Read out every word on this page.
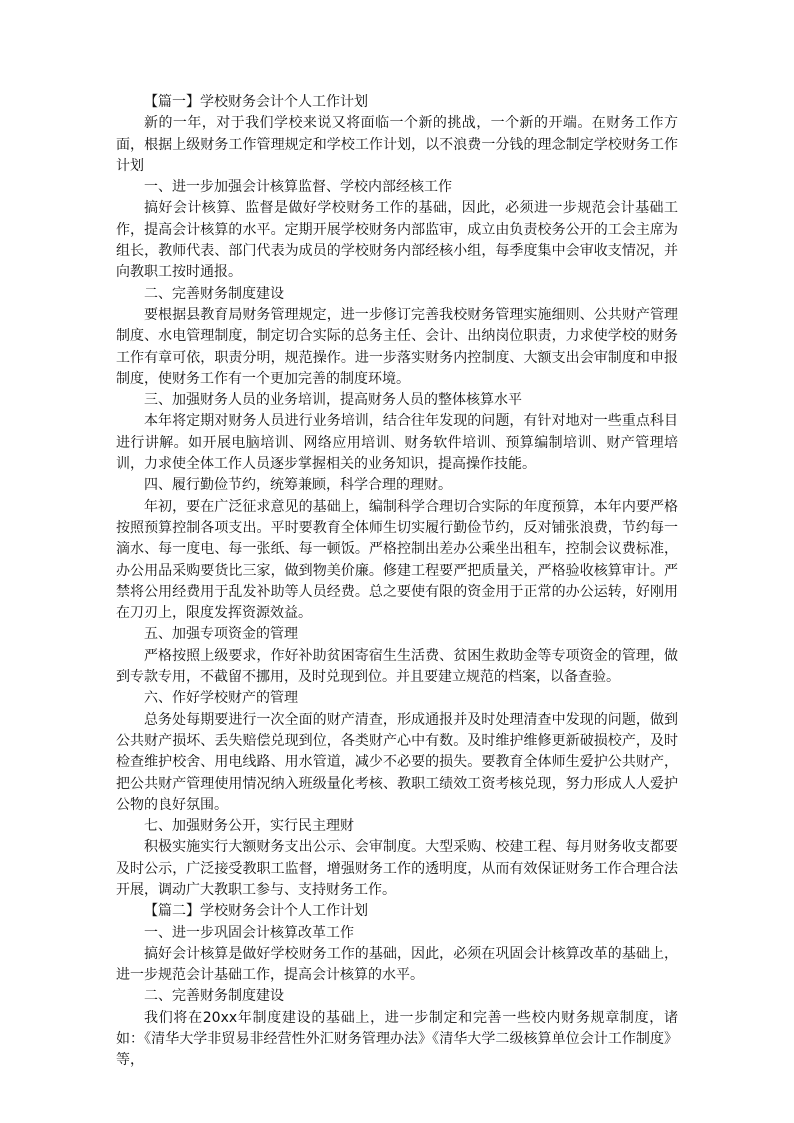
【篇一】学校财务会计个人工作计划

新的一年，对于我们学校来说又将面临一个新的挑战，一个新的开端。在财务工作方面，根据上级财务工作管理规定和学校工作计划，以不浪费一分钱的理念制定学校财务工作计划

一、进一步加强会计核算监督、学校内部经核工作

搞好会计核算、监督是做好学校财务工作的基础，因此，必须进一步规范会计基础工作，提高会计核算的水平。定期开展学校财务内部监审，成立由负责校务公开的工会主席为组长，教师代表、部门代表为成员的学校财务内部经核小组，每季度集中会审收支情况，并向教职工按时通报。

二、完善财务制度建设

要根据县教育局财务管理规定，进一步修订完善我校财务管理实施细则、公共财产管理制度、水电管理制度，制定切合实际的总务主任、会计、出纳岗位职责，力求使学校的财务工作有章可依，职责分明，规范操作。进一步落实财务内控制度、大额支出会审制度和申报制度，使财务工作有一个更加完善的制度环境。

三、加强财务人员的业务培训，提高财务人员的整体核算水平

本年将定期对财务人员进行业务培训，结合往年发现的问题，有针对地对一些重点科目进行讲解。如开展电脑培训、网络应用培训、财务软件培训、预算编制培训、财产管理培训，力求使全体工作人员逐步掌握相关的业务知识，提高操作技能。

四、履行勤俭节约，统筹兼顾，科学合理的理财。

年初，要在广泛征求意见的基础上，编制科学合理切合实际的年度预算，本年内要严格按照预算控制各项支出。平时要教育全体师生切实履行勤俭节约，反对铺张浪费，节约每一滴水、每一度电、每一张纸、每一顿饭。严格控制出差办公乘坐出租车，控制会议费标准，办公用品采购要货比三家，做到物美价廉。修建工程要严把质量关，严格验收核算审计。严禁将公用经费用于乱发补助等人员经费。总之要使有限的资金用于正常的办公运转，好刚用在刀刃上，限度发挥资源效益。

五、加强专项资金的管理

严格按照上级要求，作好补助贫困寄宿生生活费、贫困生救助金等专项资金的管理，做到专款专用，不截留不挪用，及时兑现到位。并且要建立规范的档案，以备查验。

六、作好学校财产的管理

总务处每期要进行一次全面的财产清查，形成通报并及时处理清查中发现的问题，做到公共财产损坏、丢失赔偿兑现到位，各类财产心中有数。及时维护维修更新破损校产，及时检查维护校舍、用电线路、用水管道，减少不必要的损失。要教育全体师生爱护公共财产，把公共财产管理使用情况纳入班级量化考核、教职工绩效工资考核兑现，努力形成人人爱护公物的良好氛围。

七、加强财务公开，实行民主理财

积极实施实行大额财务支出公示、会审制度。大型采购、校建工程、每月财务收支都要及时公示，广泛接受教职工监督，增强财务工作的透明度，从而有效保证财务工作合理合法开展，调动广大教职工参与、支持财务工作。

【篇二】学校财务会计个人工作计划

一、进一步巩固会计核算改革工作

搞好会计核算是做好学校财务工作的基础，因此，必须在巩固会计核算改革的基础上，进一步规范会计基础工作，提高会计核算的水平。

二、完善财务制度建设

我们将在20xx年制度建设的基础上，进一步制定和完善一些校内财务规章制度，诸如：《清华大学非贸易非经营性外汇财务管理办法》《清华大学二级核算单位会计工作制度》等，
